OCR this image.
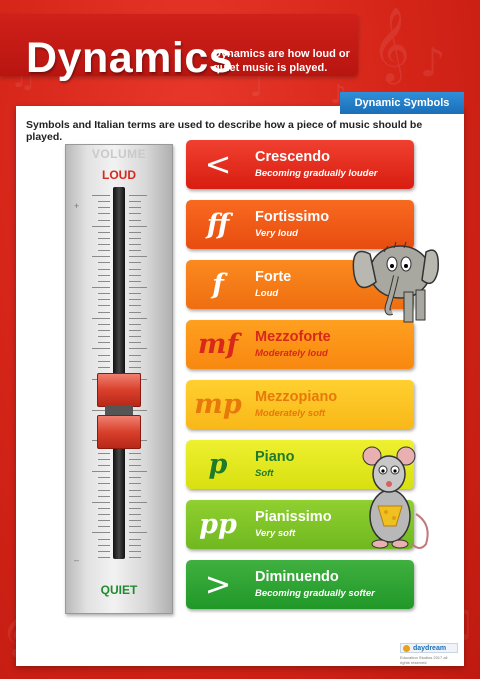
𝄞 ♪
♫	♩	♪
Dynamics
Dynamics are how loud or quiet music is played.
Dynamic Symbols
Symbols and Italian terms are used to describe how a piece of music should be played.
VOLUME
LOUD
+
–
QUIET
<	Crescendo
Becoming gradually louder
ff	Fortissimo
Very loud
f	Forte
Loud
mf	Mezzoforte
Moderately loud
mp Mezzopiano
Moderately soft
p	Piano
Soft
pp	Pianissimo
Very soft
>	Diminuendo
Becoming gradually softer
daydream
Education Studios 2017 all rights reserved
